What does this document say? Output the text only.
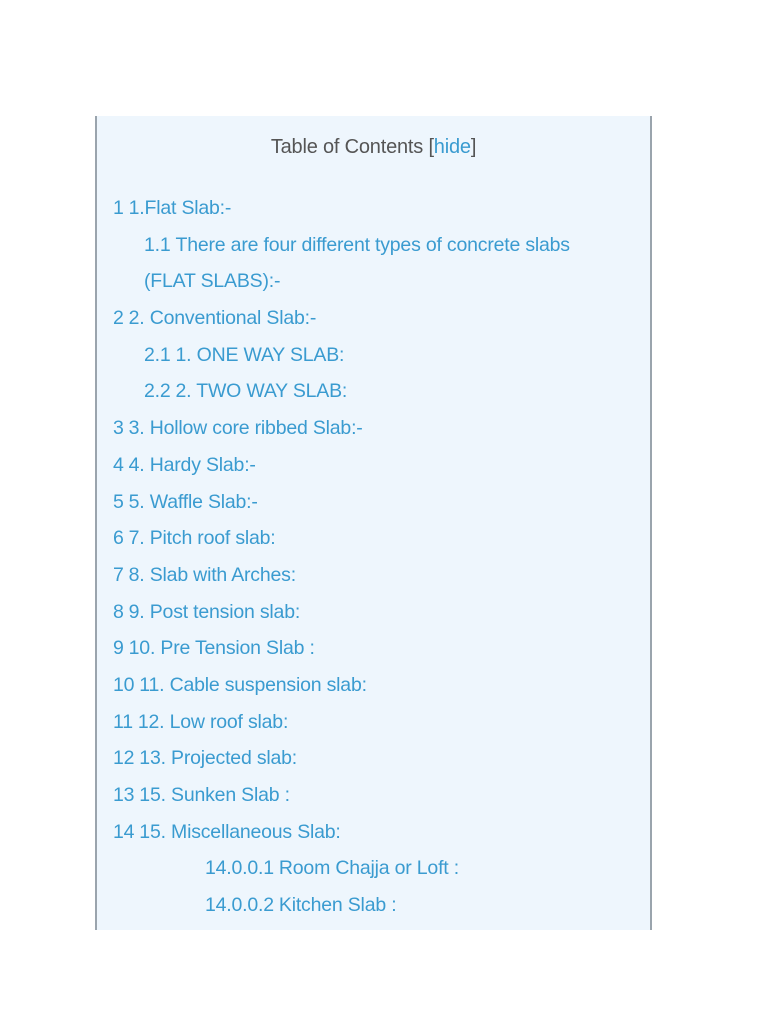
Table of Contents [hide]
1 1.Flat Slab:-
1.1 There are four different types of concrete slabs
(FLAT SLABS):-
2 2. Conventional Slab:-
2.1 1. ONE WAY SLAB:
2.2 2. TWO WAY SLAB:
3 3. Hollow core ribbed Slab:-
4 4. Hardy Slab:-
5 5. Waffle Slab:-
6 7. Pitch roof slab:
7 8. Slab with Arches:
8 9. Post tension slab:
9 10. Pre Tension Slab :
10 11. Cable suspension slab:
11 12. Low roof slab:
12 13. Projected slab:
13 15. Sunken Slab :
14 15. Miscellaneous Slab:
14.0.0.1 Room Chajja or Loft :
14.0.0.2 Kitchen Slab :
